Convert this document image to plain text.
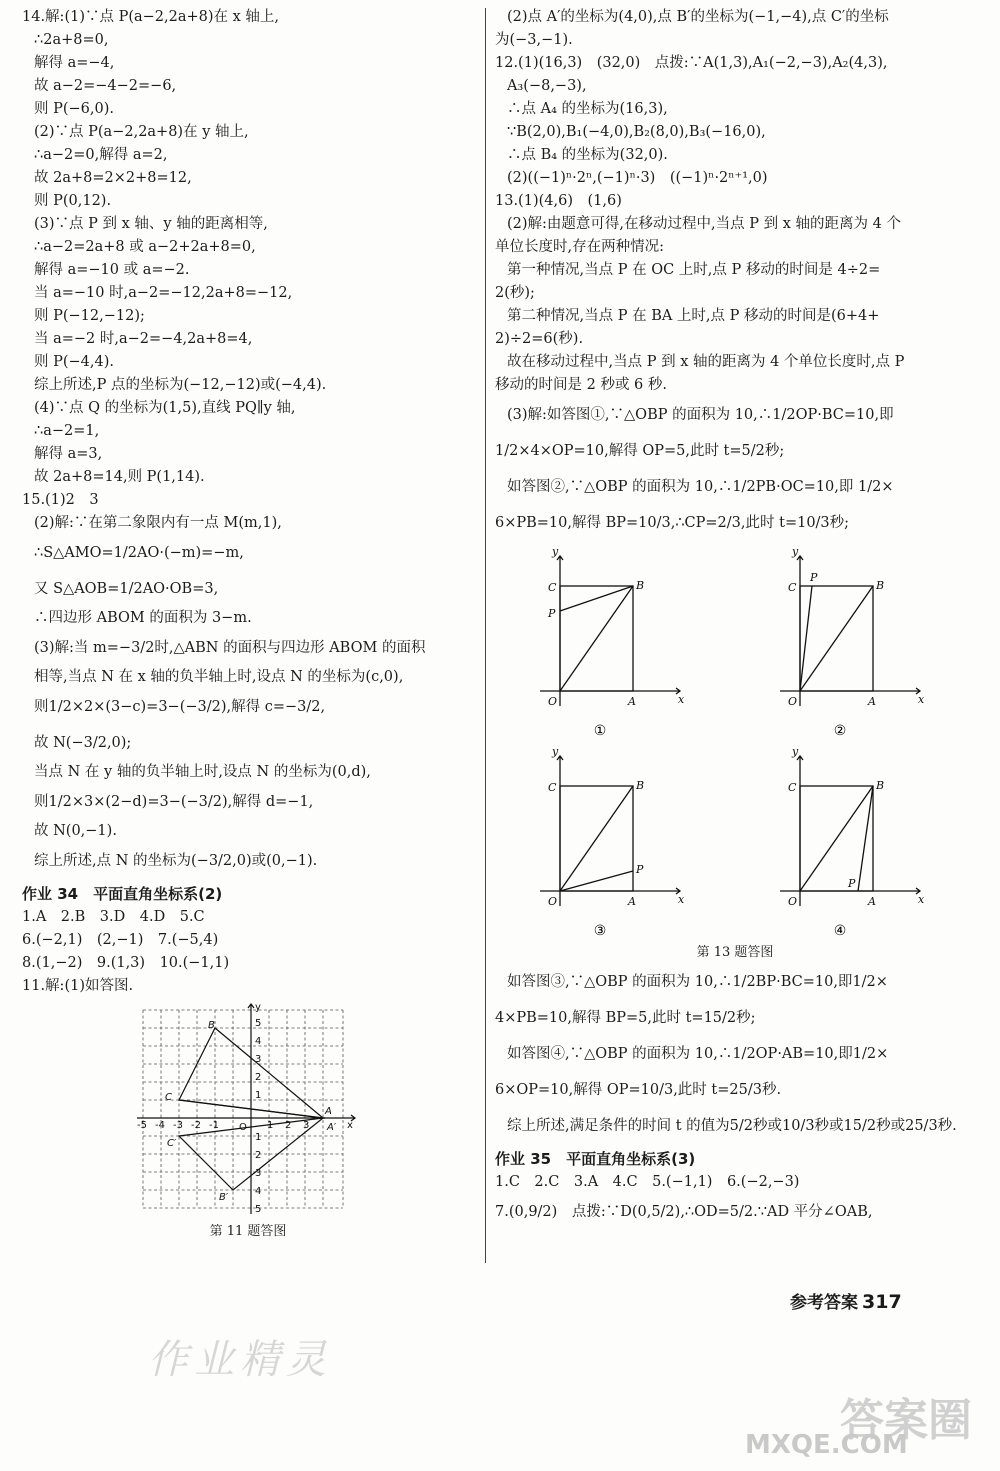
14.解:(1)∵点 P(a−2,2a+8)在 x 轴上,
∴2a+8=0,
解得 a=−4,
故 a−2=−4−2=−6,
则 P(−6,0).
(2)∵点 P(a−2,2a+8)在 y 轴上,
∴a−2=0,解得 a=2,
故 2a+8=2×2+8=12,
则 P(0,12).
(3)∵点 P 到 x 轴、y 轴的距离相等,
∴a−2=2a+8 或 a−2+2a+8=0,
解得 a=−10 或 a=−2.
当 a=−10 时,a−2=−12,2a+8=−12,
则 P(−12,−12);
当 a=−2 时,a−2=−4,2a+8=4,
则 P(−4,4).
综上所述,P 点的坐标为(−12,−12)或(−4,4).
(4)∵点 Q 的坐标为(1,5),直线 PQ∥y 轴,
∴a−2=1,
解得 a=3,
故 2a+8=14,则 P(1,14).
15.(1)2　3
(2)解:∵在第二象限内有一点 M(m,1),
∴S△AMO=1/2AO·(−m)=−m,
又 S△AOB=1/2AO·OB=3,
∴四边形 ABOM 的面积为 3−m.
(3)解:当 m=−3/2时,△ABN 的面积与四边形 ABOM 的面积
相等,当点 N 在 x 轴的负半轴上时,设点 N 的坐标为(c,0),
则1/2×2×(3−c)=3−(−3/2),解得 c=−3/2,
故 N(−3/2,0);
当点 N 在 y 轴的负半轴上时,设点 N 的坐标为(0,d),
则1/2×3×(2−d)=3−(−3/2),解得 d=−1,
故 N(0,−1).
综上所述,点 N 的坐标为(−3/2,0)或(0,−1).
作业 34　平面直角坐标系(2)
1.A　2.B　3.D　4.D　5.C
6.(−2,1)　(2,−1)　7.(−5,4)
8.(1,−2)　9.(1,3)　10.(−1,1)
11.解:(1)如答图.
y
x
B
C
A
A′
C′
B′
O
5
4
3
2
1
1
2
3
4
5
-5 -4 -3 -2 -1	1 2 3
第 11 题答图
(2)点 A′的坐标为(4,0),点 B′的坐标为(−1,−4),点 C′的坐标
为(−3,−1).
12.(1)(16,3)　(32,0)　点拨:∵A(1,3),A₁(−2,−3),A₂(4,3),
A₃(−8,−3),
∴点 A₄ 的坐标为(16,3),
∵B(2,0),B₁(−4,0),B₂(8,0),B₃(−16,0),
∴点 B₄ 的坐标为(32,0).
(2)((−1)ⁿ·2ⁿ,(−1)ⁿ·3)　((−1)ⁿ·2ⁿ⁺¹,0)
13.(1)(4,6)　(1,6)
(2)解:由题意可得,在移动过程中,当点 P 到 x 轴的距离为 4 个
单位长度时,存在两种情况:
第一种情况,当点 P 在 OC 上时,点 P 移动的时间是 4÷2=
2(秒);
第二种情况,当点 P 在 BA 上时,点 P 移动的时间是(6+4+
2)÷2=6(秒).
故在移动过程中,当点 P 到 x 轴的距离为 4 个单位长度时,点 P
移动的时间是 2 秒或 6 秒.
(3)解:如答图①,∵△OBP 的面积为 10,∴1/2OP·BC=10,即
1/2×4×OP=10,解得 OP=5,此时 t=5/2秒;
如答图②,∵△OBP 的面积为 10,∴1/2PB·OC=10,即 1/2×
6×PB=10,解得 BP=10/3,∴CP=2/3,此时 t=10/3秒;
y
x
C
P
B
A
O
①
y
x
C
P
B
A
O
②
y
x
C
P
B
A
O
③
y
x
C
P
B
A
O
④
第 13 题答图
如答图③,∵△OBP 的面积为 10,∴1/2BP·BC=10,即1/2×
4×PB=10,解得 BP=5,此时 t=15/2秒;
如答图④,∵△OBP 的面积为 10,∴1/2OP·AB=10,即1/2×
6×OP=10,解得 OP=10/3,此时 t=25/3秒.
综上所述,满足条件的时间 t 的值为5/2秒或10/3秒或15/2秒或25/3秒.
作业 35　平面直角坐标系(3)
1.C　2.C　3.A　4.C　5.(−1,1)　6.(−2,−3)
7.(0,9/2)　点拨:∵D(0,5/2),∴OD=5/2.∵AD 平分∠OAB,
参考答案 317
作业精灵
答案圈
MXQE.COM
